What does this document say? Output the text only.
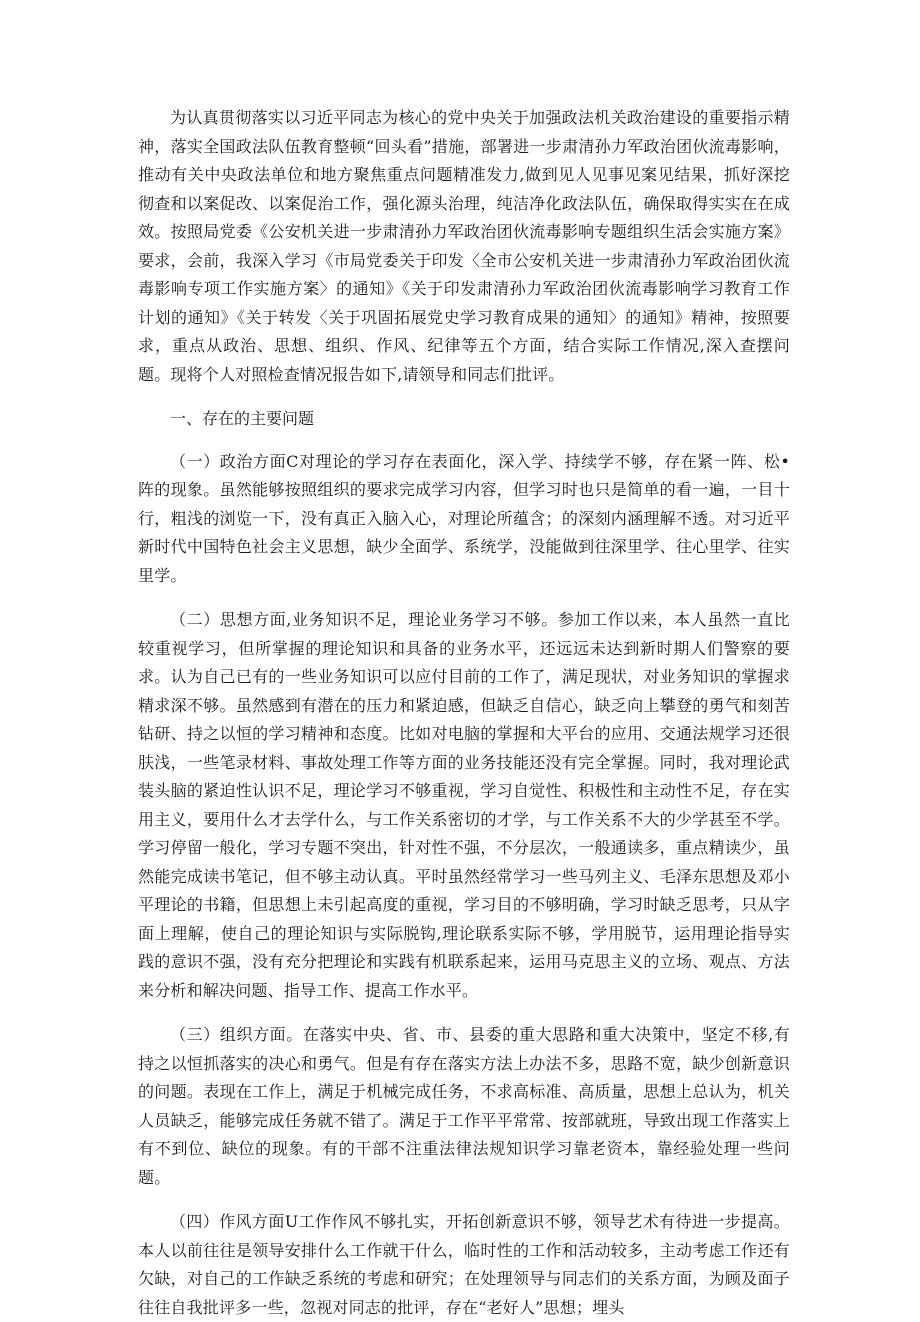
为认真贯彻落实以习近平同志为核心的党中央关于加强政法机关政治建设的重要指示精神，落实全国政法队伍教育整顿“回头看”措施，部署进一步肃清孙力军政治团伙流毒影响，推动有关中央政法单位和地方聚焦重点问题精准发力,做到见人见事见案见结果，抓好深挖彻查和以案促改、以案促治工作，强化源头治理，纯洁净化政法队伍，确保取得实实在在成效。按照局党委《公安机关进一步肃清孙力军政治团伙流毒影响专题组织生活会实施方案》要求，会前，我深入学习《市局党委关于印发〈全市公安机关进一步肃清孙力军政治团伙流毒影响专项工作实施方案〉的通知》《关于印发肃清孙力军政治团伙流毒影响学习教育工作计划的通知》《关于转发〈关于巩固拓展党史学习教育成果的通知〉的通知》精神，按照要求，重点从政治、思想、组织、作风、纪律等五个方面，结合实际工作情况,深入查摆问题。现将个人对照检查情况报告如下,请领导和同志们批评。

一、存在的主要问题

（一）政治方面C对理论的学习存在表面化，深入学、持续学不够，存在紧一阵、松•阵的现象。虽然能够按照组织的要求完成学习内容，但学习时也只是简单的看一遍，一目十行，粗浅的浏览一下，没有真正入脑入心，对理论所蕴含；的深刻内涵理解不透。对习近平新时代中国特色社会主义思想，缺少全面学、系统学，没能做到往深里学、往心里学、往实里学。

（二）思想方面,业务知识不足，理论业务学习不够。参加工作以来，本人虽然一直比较重视学习，但所掌握的理论知识和具备的业务水平，还远远未达到新时期人们警察的要求。认为自己已有的一些业务知识可以应付目前的工作了，满足现状，对业务知识的掌握求精求深不够。虽然感到有潜在的压力和紧迫感，但缺乏自信心，缺乏向上攀登的勇气和刻苦钻研、持之以恒的学习精神和态度。比如对电脑的掌握和大平台的应用、交通法规学习还很肤浅，一些笔录材料、事故处理工作等方面的业务技能还没有完全掌握。同时，我对理论武装头脑的紧迫性认识不足，理论学习不够重视，学习自觉性、积极性和主动性不足，存在实用主义，要用什么才去学什么，与工作关系密切的才学，与工作关系不大的少学甚至不学。学习停留一般化，学习专题不突出，针对性不强，不分层次，一般通读多，重点精读少，虽然能完成读书笔记，但不够主动认真。平时虽然经常学习一些马列主义、毛泽东思想及邓小平理论的书籍，但思想上未引起高度的重视，学习目的不够明确，学习时缺乏思考，只从字面上理解，使自己的理论知识与实际脱钩,理论联系实际不够，学用脱节，运用理论指导实践的意识不强，没有充分把理论和实践有机联系起来，运用马克思主义的立场、观点、方法来分析和解决问题、指导工作、提高工作水平。

（三）组织方面。在落实中央、省、市、县委的重大思路和重大决策中，坚定不移,有持之以恒抓落实的决心和勇气。但是有存在落实方法上办法不多，思路不宽，缺少创新意识的问题。表现在工作上，满足于机械完成任务，不求高标准、高质量，思想上总认为，机关人员缺乏，能够完成任务就不错了。满足于工作平平常常、按部就班，导致出现工作落实上有不到位、缺位的现象。有的干部不注重法律法规知识学习靠老资本，靠经验处理一些问题。

（四）作风方面U工作作风不够扎实，开拓创新意识不够，领导艺术有待进一步提高。本人以前往往是领导安排什么工作就干什么，临时性的工作和活动较多，主动考虑工作还有欠缺，对自己的工作缺乏系统的考虑和研究；在处理领导与同志们的关系方面，为顾及面子往往自我批评多一些，忽视对同志的批评，存在“老好人”思想；埋头
